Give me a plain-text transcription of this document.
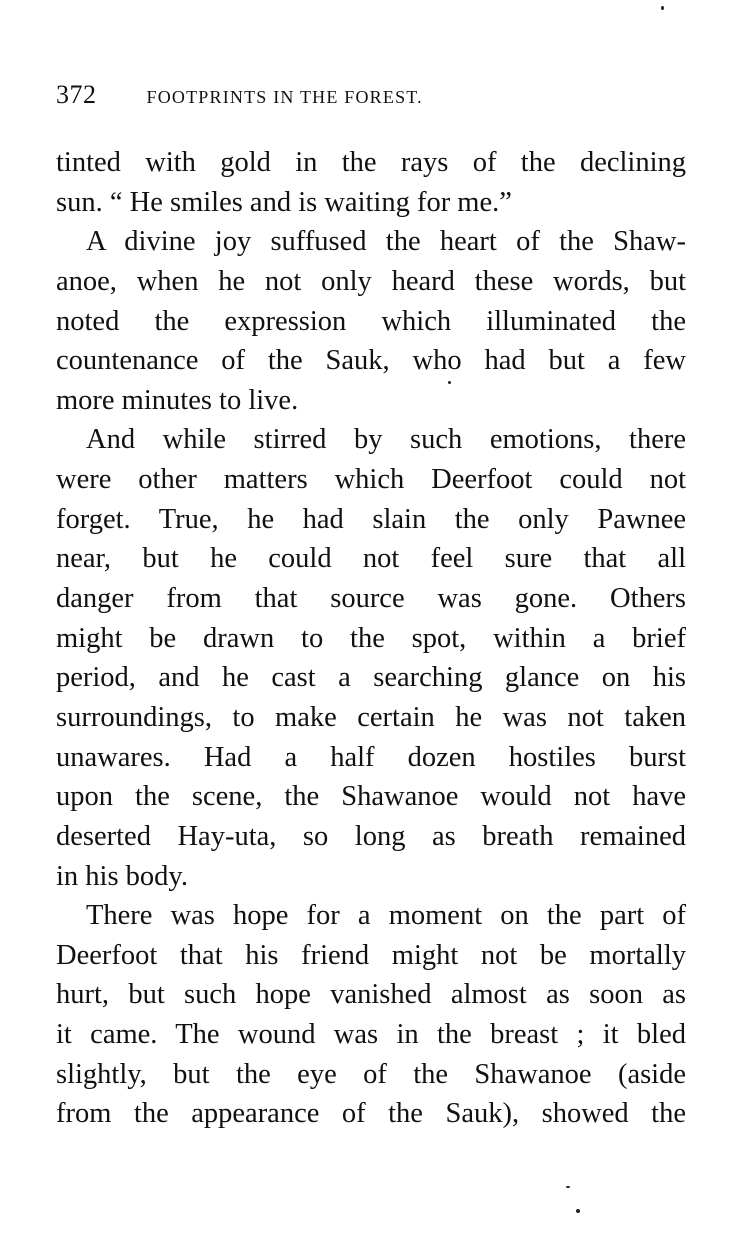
372	FOOTPRINTS IN THE FOREST.
tinted with gold in the rays of the declining
sun. “ He smiles and is waiting for me.”
A divine joy suffused the heart of the Shaw-
anoe, when he not only heard these words, but
noted the expression which illuminated the
countenance of the Sauk, who had but a few
more minutes to live.
And while stirred by such emotions, there
were other matters which Deerfoot could not
forget. True, he had slain the only Pawnee
near, but he could not feel sure that all
danger from that source was gone. Others
might be drawn to the spot, within a brief
period, and he cast a searching glance on his
surroundings, to make certain he was not taken
unawares. Had a half dozen hostiles burst
upon the scene, the Shawanoe would not have
deserted Hay-uta, so long as breath remained
in his body.
There was hope for a moment on the part of
Deerfoot that his friend might not be mortally
hurt, but such hope vanished almost as soon as
it came. The wound was in the breast ; it bled
slightly, but the eye of the Shawanoe (aside
from the appearance of the Sauk), showed the
